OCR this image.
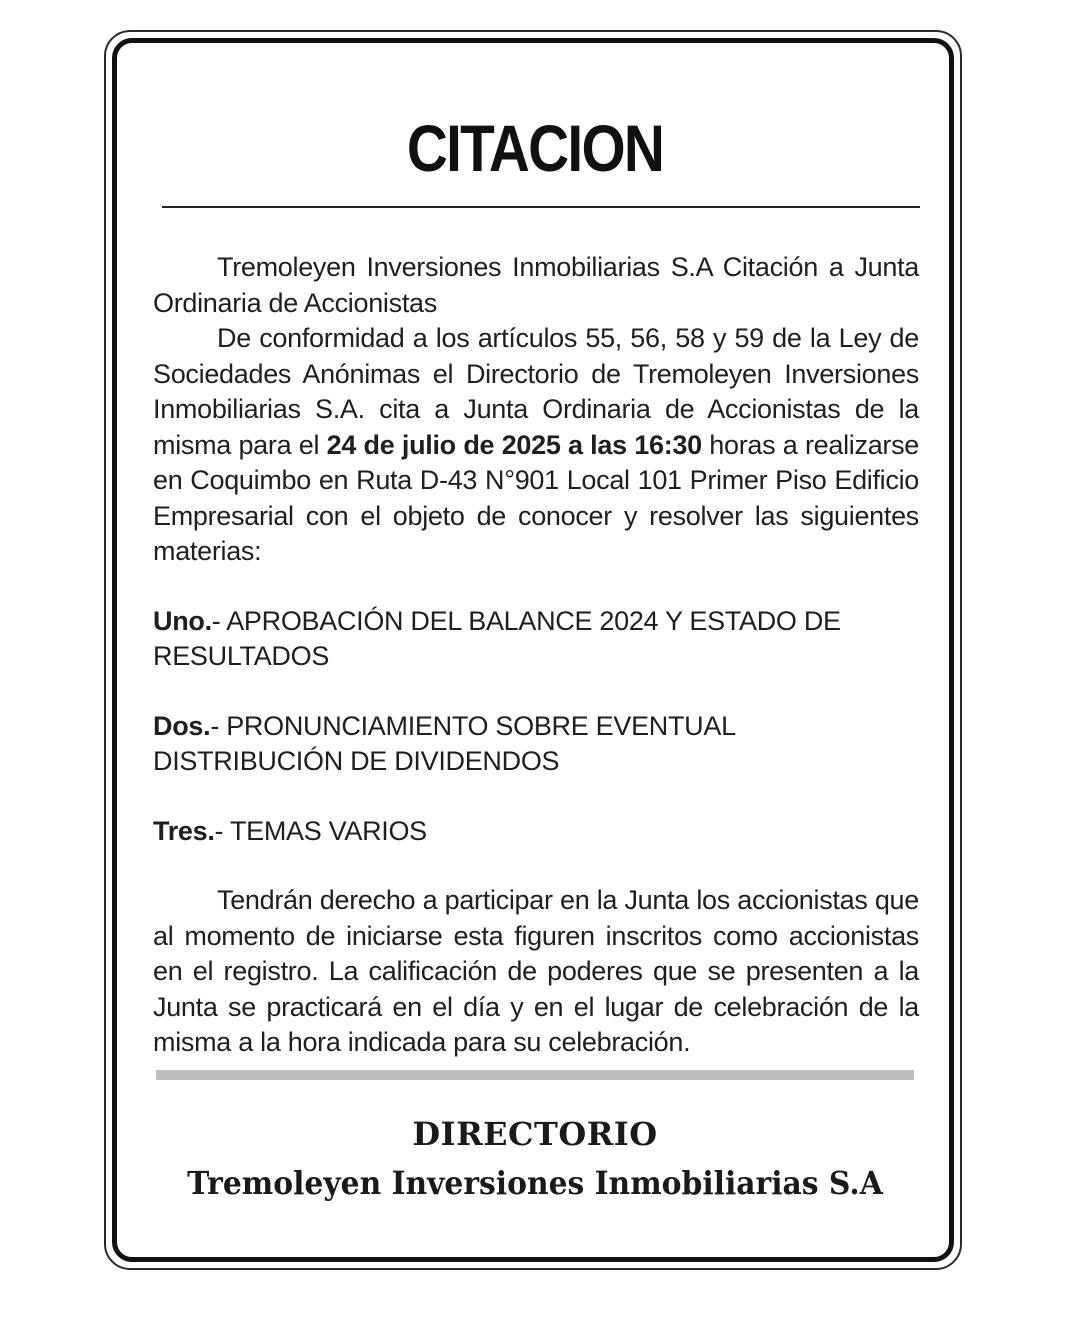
CITACION

Tremoleyen Inversiones Inmobiliarias S.A Citación a Junta Ordinaria de Accionistas

De conformidad a los artículos 55, 56, 58 y 59 de la Ley de Sociedades Anónimas el Directorio de Tremoleyen Inversiones Inmobiliarias S.A. cita a Junta Ordinaria de Accionistas de la misma para el 24 de julio de 2025 a las 16:30 horas a realizarse en Coquimbo en Ruta D-43 N°901 Local 101 Primer Piso Edificio Empresarial con el objeto de conocer y resolver las siguientes materias:

Uno.- APROBACIÓN DEL BALANCE 2024 Y ESTADO DE RESULTADOS

Dos.- PRONUNCIAMIENTO SOBRE EVENTUAL DISTRIBUCIÓN DE DIVIDENDOS

Tres.- TEMAS VARIOS

Tendrán derecho a participar en la Junta los accionistas que al momento de iniciarse esta figuren inscritos como accionistas en el registro. La calificación de poderes que se presenten a la Junta se practicará en el día y en el lugar de celebración de la misma a la hora indicada para su celebración.

DIRECTORIO

Tremoleyen Inversiones Inmobiliarias S.A
